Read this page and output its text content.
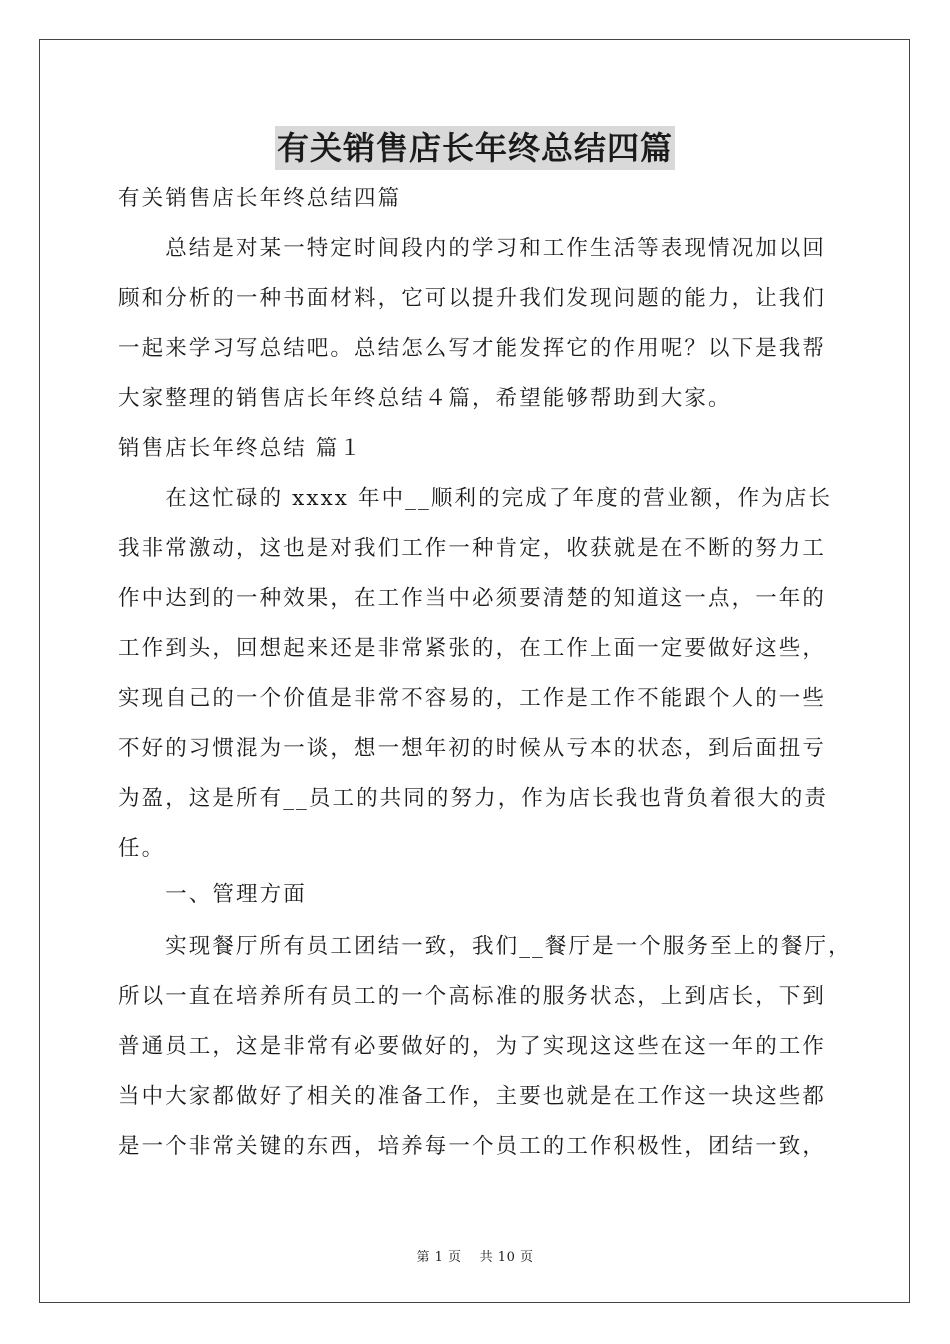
有关销售店长年终总结四篇
有关销售店长年终总结四篇
　　总结是对某一特定时间段内的学习和工作生活等表现情况加以回
顾和分析的一种书面材料，它可以提升我们发现问题的能力，让我们
一起来学习写总结吧。总结怎么写才能发挥它的作用呢？以下是我帮
大家整理的销售店长年终总结４篇，希望能够帮助到大家。
销售店长年终总结 篇１
　　在这忙碌的 xxxx 年中__顺利的完成了年度的营业额，作为店长
我非常激动，这也是对我们工作一种肯定，收获就是在不断的努力工
作中达到的一种效果，在工作当中必须要清楚的知道这一点，一年的
工作到头，回想起来还是非常紧张的，在工作上面一定要做好这些，
实现自己的一个价值是非常不容易的，工作是工作不能跟个人的一些
不好的习惯混为一谈，想一想年初的时候从亏本的状态，到后面扭亏
为盈，这是所有__员工的共同的努力，作为店长我也背负着很大的责
任。
　　一、管理方面
　　实现餐厅所有员工团结一致，我们__餐厅是一个服务至上的餐厅，
所以一直在培养所有员工的一个高标准的服务状态，上到店长，下到
普通员工，这是非常有必要做好的，为了实现这这些在这一年的工作
当中大家都做好了相关的准备工作，主要也就是在工作这一块这些都
是一个非常关键的东西，培养每一个员工的工作积极性，团结一致，
第 1 页　 共 10 页
